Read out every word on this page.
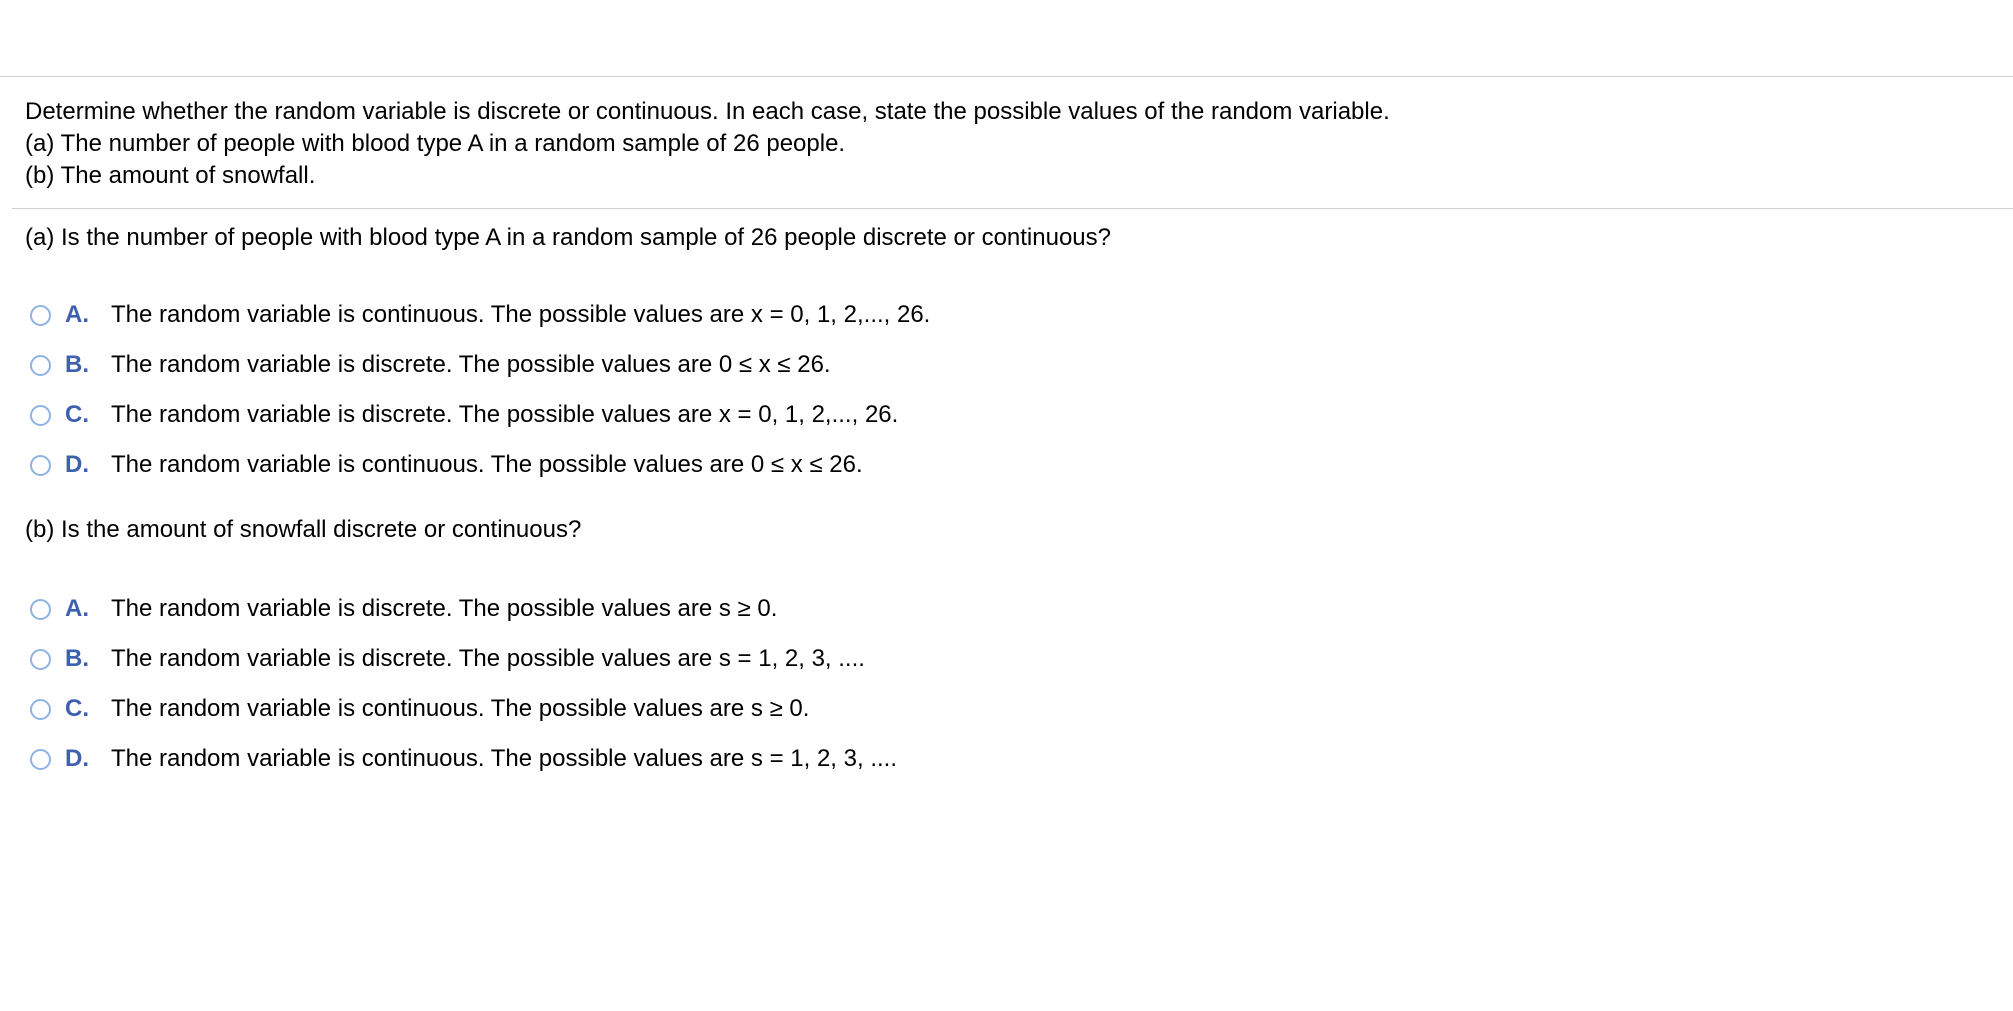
Determine whether the random variable is discrete or continuous. In each case, state the possible values of the random variable.
(a) The number of people with blood type A in a random sample of 26 people.
(b) The amount of snowfall.
(a) Is the number of people with blood type A in a random sample of 26 people discrete or continuous?
A. The random variable is continuous. The possible values are x = 0, 1, 2,..., 26.
B. The random variable is discrete. The possible values are 0 ≤ x ≤ 26.
C. The random variable is discrete. The possible values are x = 0, 1, 2,..., 26.
D. The random variable is continuous. The possible values are 0 ≤ x ≤ 26.
(b) Is the amount of snowfall discrete or continuous?
A. The random variable is discrete. The possible values are s ≥ 0.
B. The random variable is discrete. The possible values are s = 1, 2, 3, ....
C. The random variable is continuous. The possible values are s ≥ 0.
D. The random variable is continuous. The possible values are s = 1, 2, 3, ....
